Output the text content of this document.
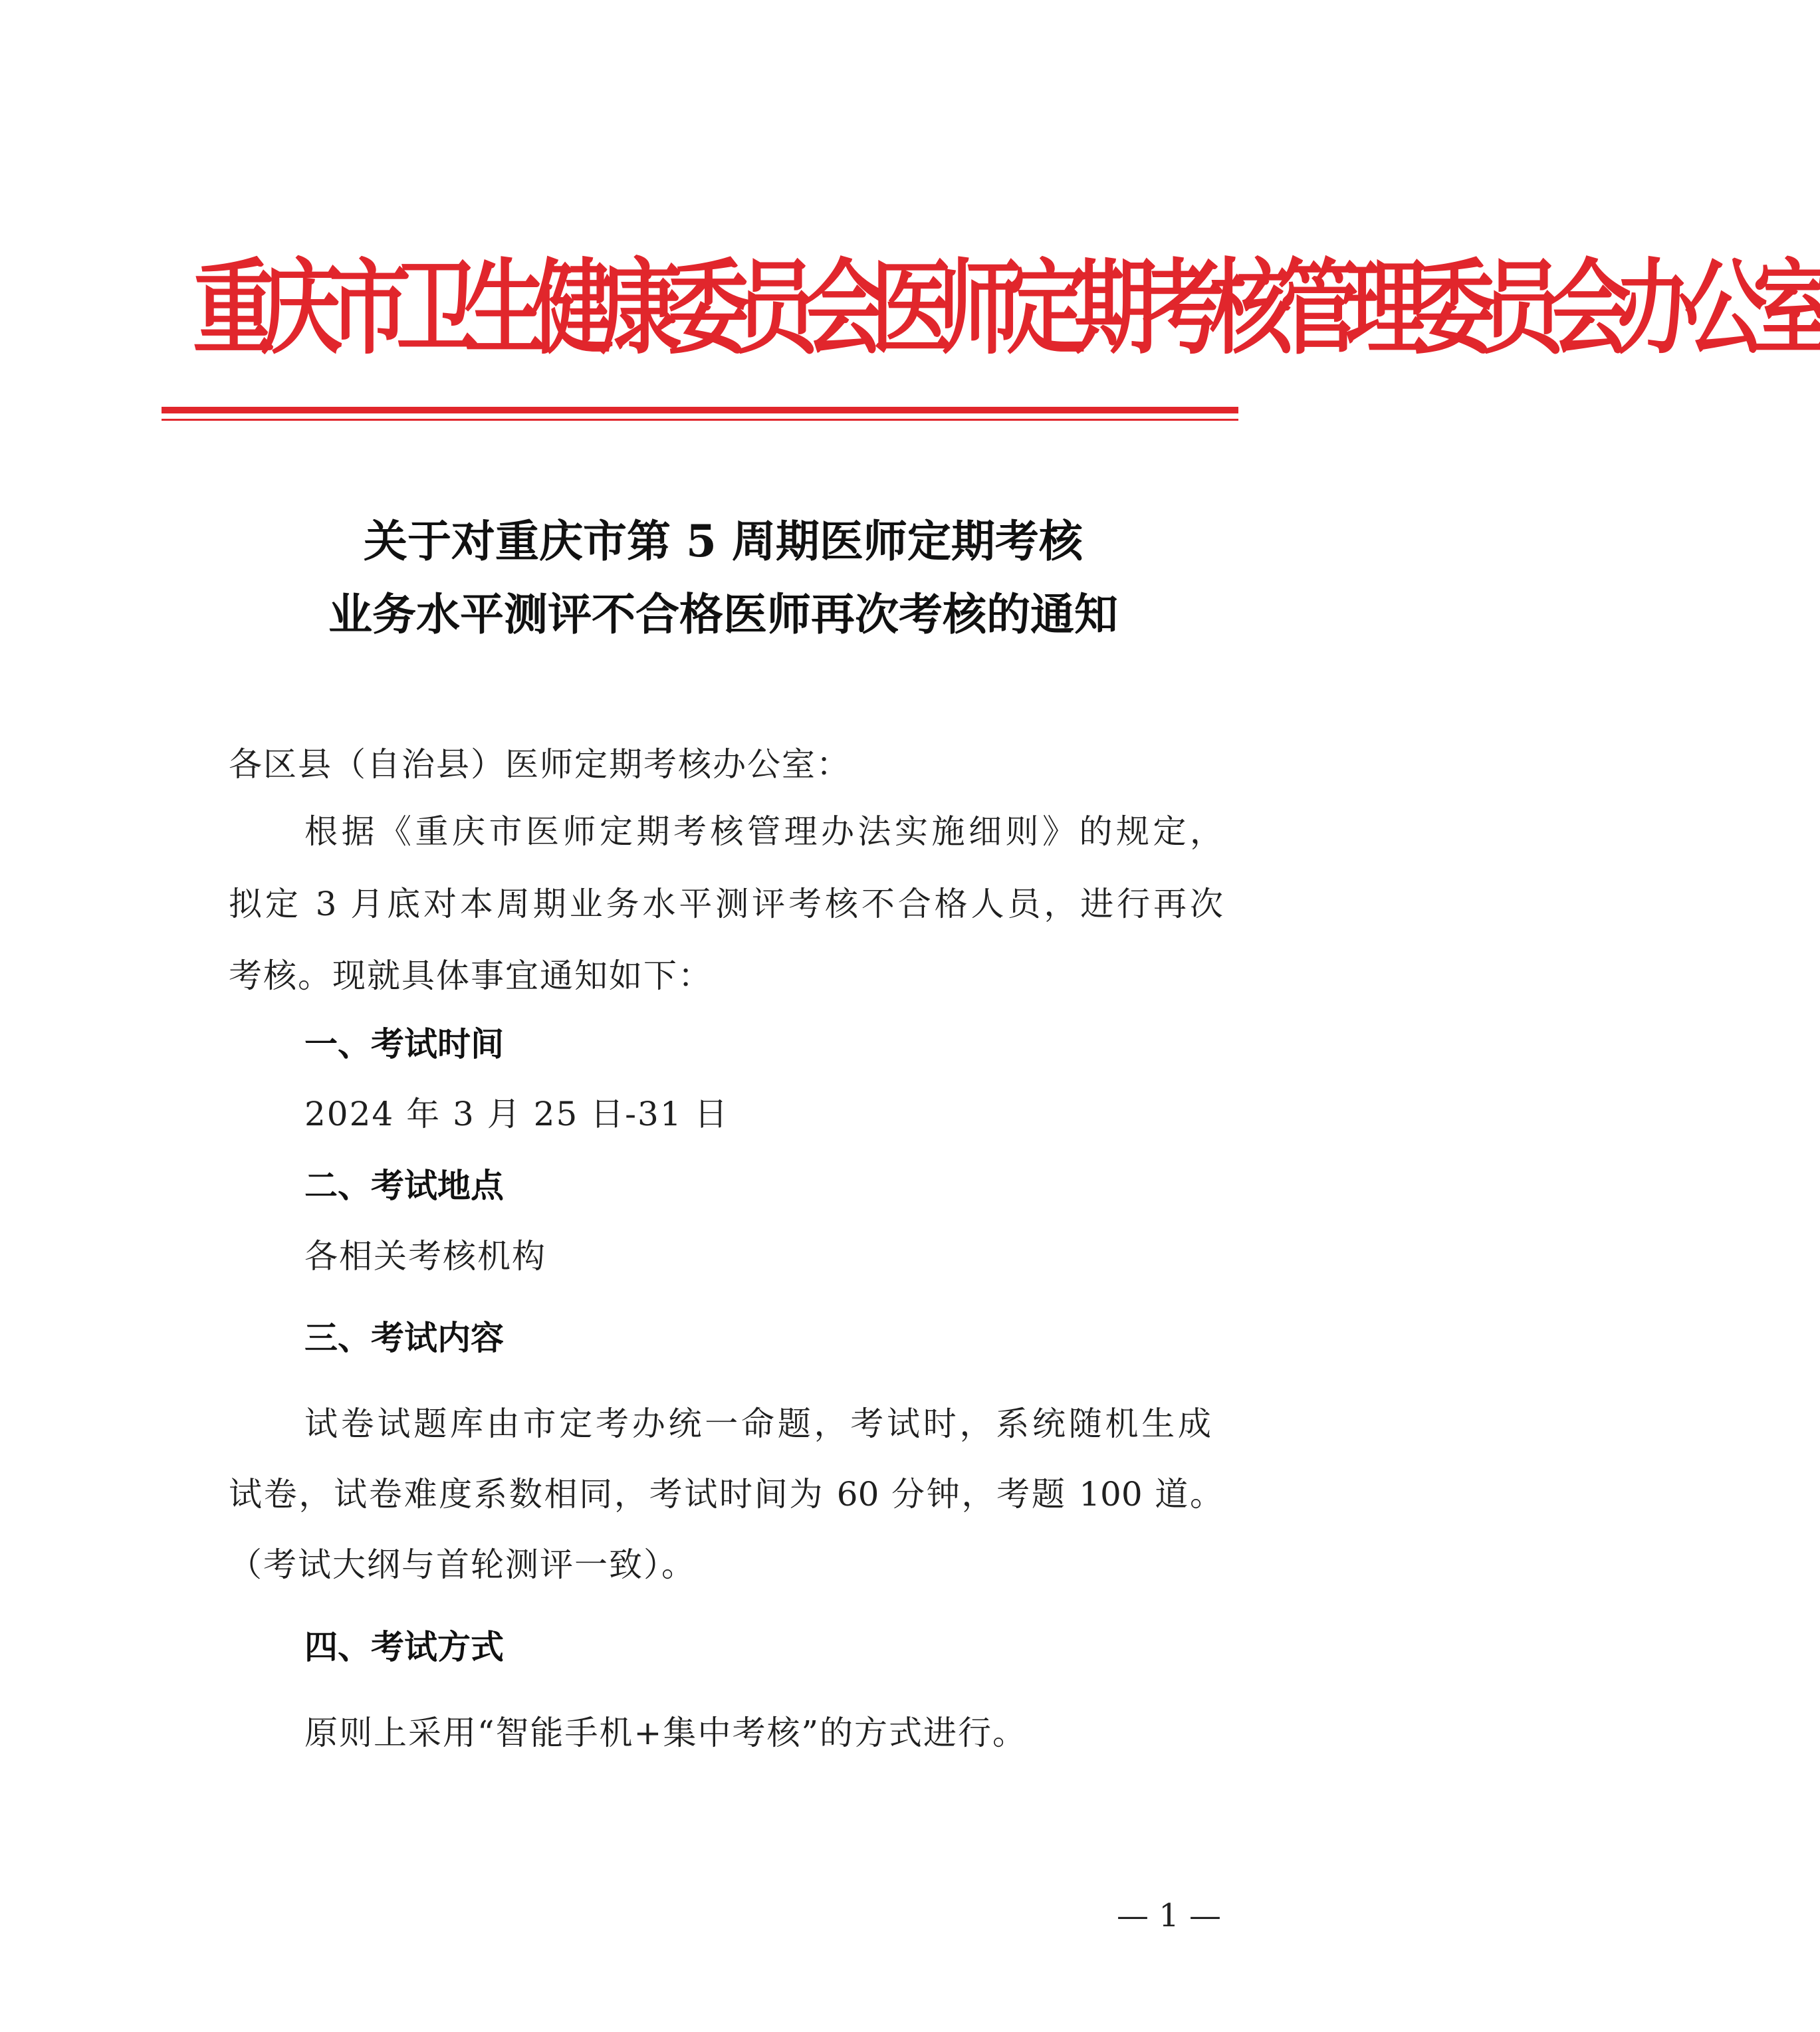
重庆市卫生健康委员会医师定期考核管理委员会办公室
关于对重庆市第 5 周期医师定期考核
业务水平测评不合格医师再次考核的通知
各区县（自治县）医师定期考核办公室：
根据《重庆市医师定期考核管理办法实施细则》的规定，
拟定 3 月底对本周期业务水平测评考核不合格人员，进行再次
考核。现就具体事宜通知如下：
一、考试时间
2024 年 3 月 25 日-31 日
二、考试地点
各相关考核机构
三、考试内容
试卷试题库由市定考办统一命题，考试时，系统随机生成
试卷，试卷难度系数相同，考试时间为 60 分钟，考题 100 道。
（考试大纲与首轮测评一致）。
四、考试方式
原则上采用“智能手机+集中考核”的方式进行。
— 1 —
